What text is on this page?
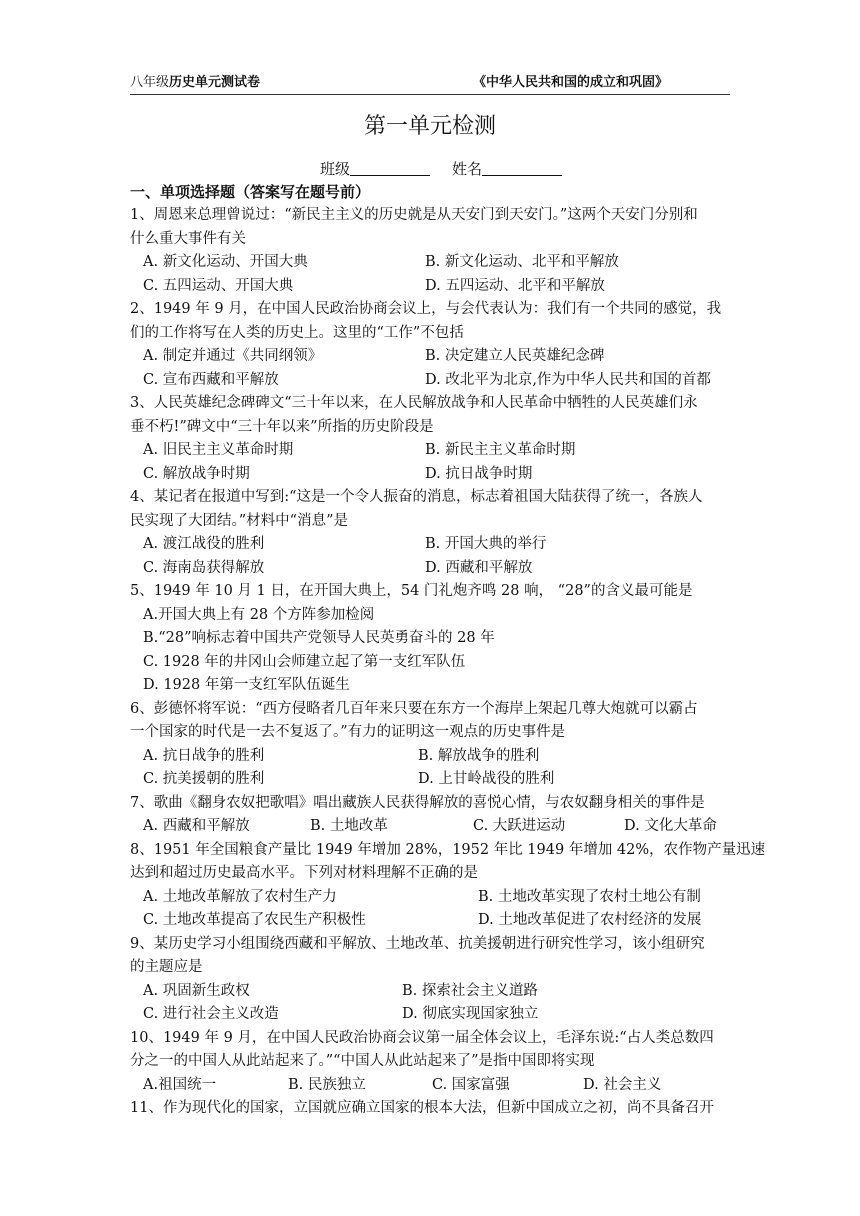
八年级历史单元测试卷	《中华人民共和国的成立和巩固》
第一单元检测
班级	姓名
一、单项选择题（答案写在题号前）
1、周恩来总理曾说过：“新民主主义的历史就是从天安门到天安门。”这两个天安门分别和
什么重大事件有关
A. 新文化运动、开国大典	B. 新文化运动、北平和平解放
C. 五四运动、开国大典	D. 五四运动、北平和平解放
2、1949 年 9 月，在中国人民政治协商会议上，与会代表认为：我们有一个共同的感觉，我
们的工作将写在人类的历史上。这里的“工作”不包括
A. 制定并通过《共同纲领》	B. 决定建立人民英雄纪念碑
C. 宣布西藏和平解放	D. 改北平为北京,作为中华人民共和国的首都
3、人民英雄纪念碑碑文“三十年以来，在人民解放战争和人民革命中牺牲的人民英雄们永
垂不朽!”碑文中“三十年以来”所指的历史阶段是
A. 旧民主主义革命时期	B. 新民主主义革命时期
C. 解放战争时期	D. 抗日战争时期
4、某记者在报道中写到:“这是一个令人振奋的消息，标志着祖国大陆获得了统一，各族人
民实现了大团结。”材料中“消息”是
A. 渡江战役的胜利	B. 开国大典的举行
C. 海南岛获得解放	D. 西藏和平解放
5、1949 年 10 月 1 日，在开国大典上，54 门礼炮齐鸣 28 响， “28”的含义最可能是
A.开国大典上有 28 个方阵参加检阅
B.“28”响标志着中国共产党领导人民英勇奋斗的 28 年
C. 1928 年的井冈山会师建立起了第一支红军队伍
D. 1928 年第一支红军队伍诞生
6、彭德怀将军说：“西方侵略者几百年来只要在东方一个海岸上架起几尊大炮就可以霸占
一个国家的时代是一去不复返了。”有力的证明这一观点的历史事件是
A. 抗日战争的胜利	B. 解放战争的胜利
C. 抗美援朝的胜利	D. 上甘岭战役的胜利
7、歌曲《翻身农奴把歌唱》唱出藏族人民获得解放的喜悦心情，与农奴翻身相关的事件是
A. 西藏和平解放	B. 土地改革	C. 大跃进运动	D. 文化大革命
8、1951 年全国粮食产量比 1949 年增加 28%，1952 年比 1949 年增加 42%，农作物产量迅速
达到和超过历史最高水平。下列对材料理解不正确的是
A. 土地改革解放了农村生产力	B. 土地改革实现了农村土地公有制
C. 土地改革提高了农民生产积极性	D. 土地改革促进了农村经济的发展
9、某历史学习小组围绕西藏和平解放、土地改革、抗美援朝进行研究性学习，该小组研究
的主题应是
A. 巩固新生政权	B. 探索社会主义道路
C. 进行社会主义改造	D. 彻底实现国家独立
10、1949 年 9 月，在中国人民政治协商会议第一届全体会议上，毛泽东说:“占人类总数四
分之一的中国人从此站起来了。”“中国人从此站起来了”是指中国即将实现
A.祖国统一	B. 民族独立	C. 国家富强	D. 社会主义
11、作为现代化的国家，立国就应确立国家的根本大法，但新中国成立之初，尚不具备召开
